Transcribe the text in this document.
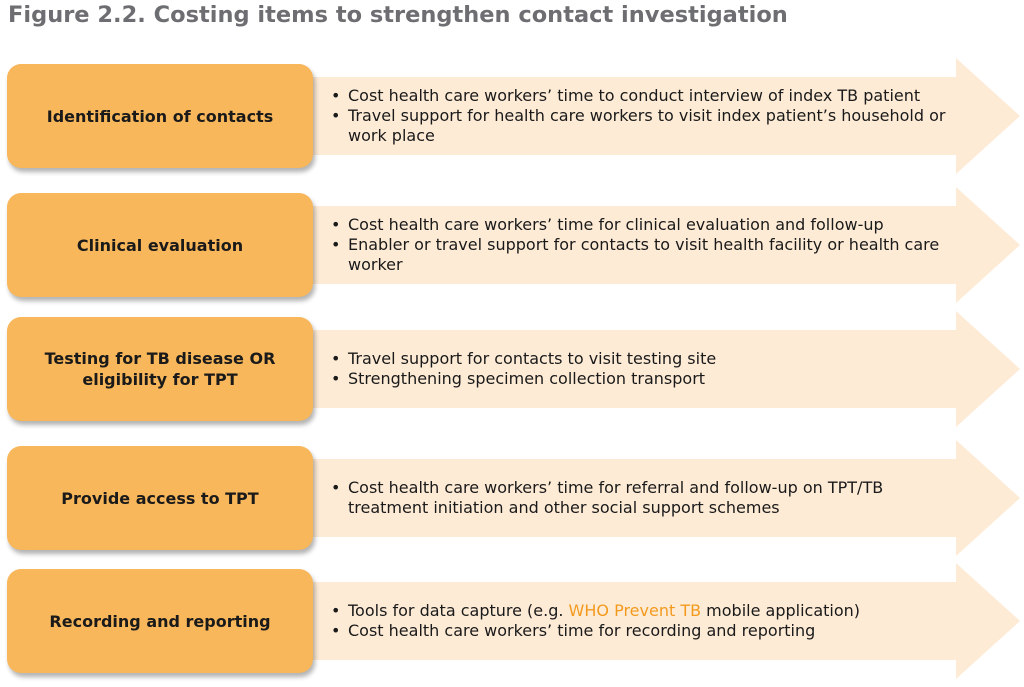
Figure 2.2. Costing items to strengthen contact investigation
Identification of contacts
• Cost health care workers’ time to conduct interview of index TB patient
• Travel support for health care workers to visit index patient’s household or work place
Clinical evaluation
• Cost health care workers’ time for clinical evaluation and follow-up
• Enabler or travel support for contacts to visit health facility or health care worker
Testing for TB disease OR eligibility for TPT
• Travel support for contacts to visit testing site
• Strengthening specimen collection transport
Provide access to TPT
• Cost health care workers’ time for referral and follow-up on TPT/TB treatment initiation and other social support schemes
Recording and reporting
• Tools for data capture (e.g. WHO Prevent TB mobile application)
• Cost health care workers’ time for recording and reporting
